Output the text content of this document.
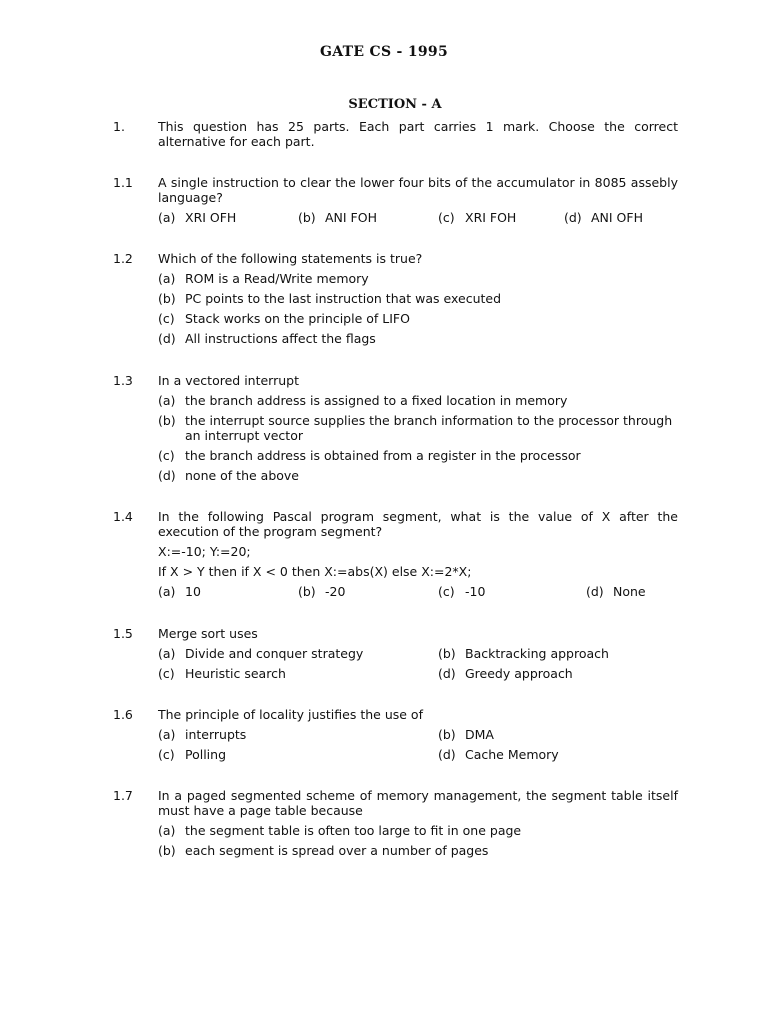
GATE CS - 1995
SECTION - A
1.	This question has 25 parts. Each part carries 1 mark. Choose the correct alternative for each part.
1.1 A single instruction to clear the lower four bits of the accumulator in 8085 assebly language?
(a) XRI OFH	(b) ANI FOH	(c) XRI FOH	(d) ANI OFH
1.2 Which of the following statements is true?
(a) ROM is a Read/Write memory
(b) PC points to the last instruction that was executed
(c) Stack works on the principle of LIFO
(d) All instructions affect the flags
1.3 In a vectored interrupt
(a) the branch address is assigned to a fixed location in memory
(b) the interrupt source supplies the branch information to the processor through an interrupt vector
(c) the branch address is obtained from a register in the processor
(d) none of the above
1.4 In the following Pascal program segment, what is the value of X after the execution of the program segment?
X:=-10; Y:=20;
If X > Y then if X < 0 then X:=abs(X) else X:=2*X;
(a) 10	(b) -20	(c) -10	(d) None
1.5 Merge sort uses
(a) Divide and conquer strategy	(b) Backtracking approach
(c) Heuristic search	(d) Greedy approach
1.6 The principle of locality justifies the use of
(a) interrupts	(b) DMA
(c) Polling	(d) Cache Memory
1.7 In a paged segmented scheme of memory management, the segment table itself must have a page table because
(a) the segment table is often too large to fit in one page
(b) each segment is spread over a number of pages
